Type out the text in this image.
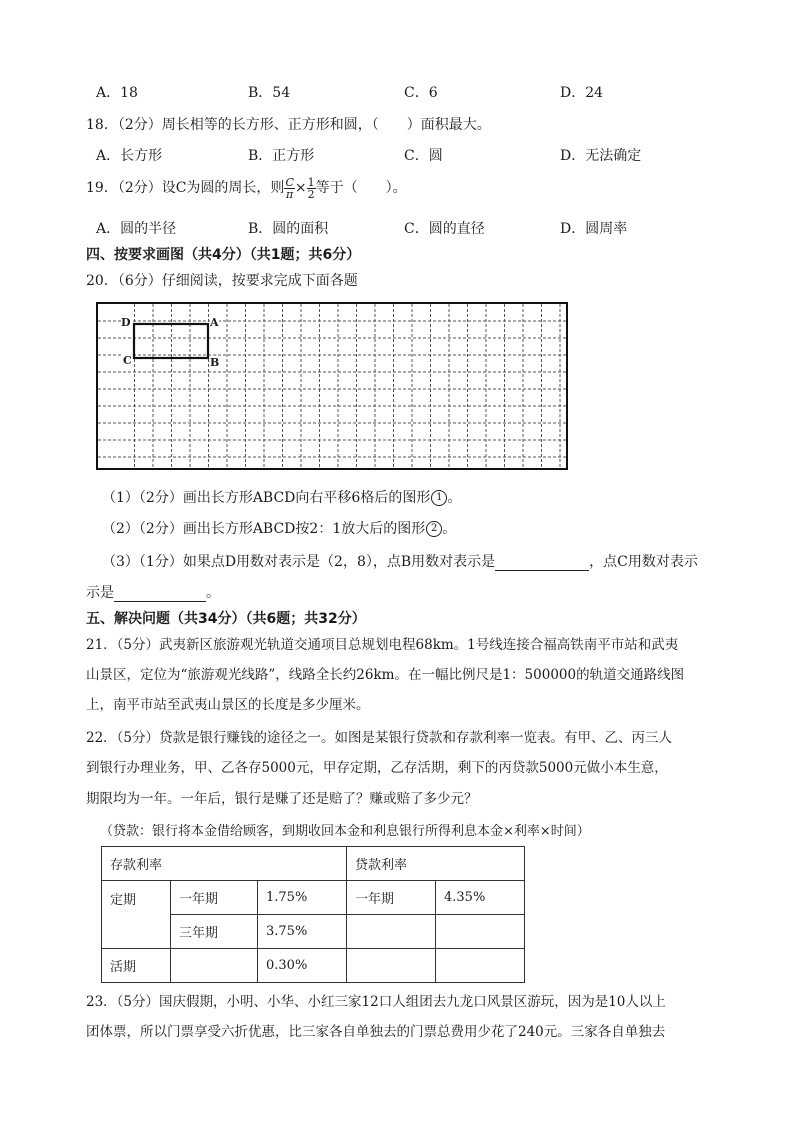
A．18	B．54	C．6	D．24
18．（2分）周长相等的长方形、正方形和圆，（　　）面积最大。
A．长方形	B．正方形	C．圆	D．无法确定
19．（2分）设C为圆的周长，则 $\frac{C}{\pi} \times \frac{1}{2}$ 等于（　　）。
A．圆的半径	B．圆的面积	C．圆的直径	D．圆周率
四、按要求画图（共4分）（共1题；共6分）
20．（6分）仔细阅读，按要求完成下面各题
D	A
C	B
（1）（2分）画出长方形ABCD向右平移6格后的图形 1 。
（2）（2分）画出长方形ABCD按2：1放大后的图形 2 。
（3）（1分）如果点D用数对表示是（2，8），点B用数对表示是	，点C用数对表示
示是	。
五、解决问题（共34分）（共6题；共32分）
21．（5分）武夷新区旅游观光轨道交通项目总规划电程68km。1号线连接合福高铁南平市站和武夷
山景区，定位为“旅游观光线路”，线路全长约26km。在一幅比例尺是1：500000的轨道交通路线图
上，南平市站至武夷山景区的长度是多少厘米。
22．（5分）贷款是银行赚钱的途径之一。如图是某银行贷款和存款利率一览表。有甲、乙、丙三人
到银行办理业务，甲、乙各存5000元，甲存定期，乙存活期，剩下的丙贷款5000元做小本生意，
期限均为一年。一年后，银行是赚了还是赔了？赚或赔了多少元？
（贷款：银行将本金借给顾客，到期收回本金和利息银行所得利息本金×利率×时间）
存款利率			贷款利率	
定期	一年期	1.75%	一年期	4.35%
	三年期	3.75%		
活期		0.30%		
23．（5分）国庆假期，小明、小华、小红三家12口人组团去九龙口风景区游玩，因为是10人以上
团体票，所以门票享受六折优惠，比三家各自单独去的门票总费用少花了240元。三家各自单独去
